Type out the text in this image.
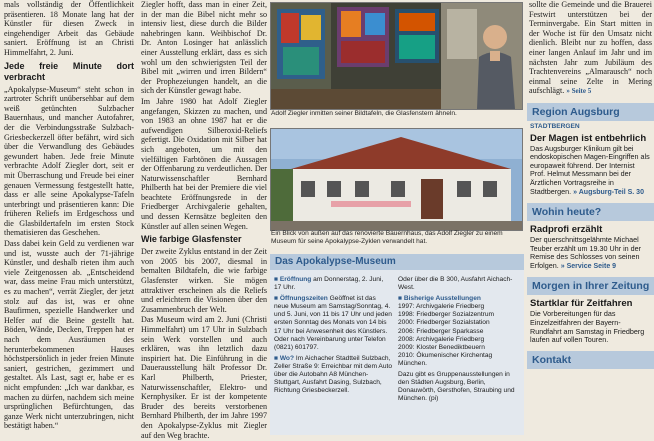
mals vollständig der Öffentlichkeit präsentieren. 18 Monate lang hat der Künstler für diesen Zweck in eingehendiger Arbeit das Gebäude saniert. Eröffnung ist an Christi Himmelfahrt, 2. Juni.

Jede freie Minute dort verbracht

„Apokalypse-Museum“ steht schon in zartroter Schrift unübersehbar auf dem weiß getünchten Sulzbacher Bauernhaus, und mancher Autofahrer, der die Verbindungsstraße Sulzbach-Griesbeckerzell öfter befährt, wird sich über die Verwandlung des Gebäudes gewundert haben. Jede freie Minute verbrachte Adolf Ziegler dort, seit er mit Überraschung und Freude bei einer genauen Vermessung festgestellt hatte, dass er alle seine Apokalypse-Tafeln unterbringt und präsentieren kann: Die früheren Reliefs im Erdgeschoss und die Glasbildertafeln im ersten Stock thematisieren das Geschehen.

Dass dabei kein Geld zu verdienen war und ist, wusste auch der 71-jährige Künstler, und deshalb rieten ihm auch viele Zeitgenossen ab. „Entscheidend war, dass meine Frau mich unterstützt, es zu machen“, verrät Ziegler, der jetzt stolz auf das ist, was er ohne Baufirmen, spezielle Handwerker und Helfer auf die Beine gestellt hat. Böden, Wände, Decken, Treppen hat er nach dem Ausräumen des herunterbekommenen Hauses höchstpersönlich in jeder freien Minute saniert, gestrichen, gezimmert und gestaltet. Als Last, sagt er, habe er es nicht empfunden: „Ich war dankbar, es machen zu dürfen, nachdem sich meine ursprünglichen Befürchtungen, das ganze Werk nicht unterzubringen, nicht bestätigt haben.“

Ziegler hofft, dass man in einer Zeit, in der man die Bibel nicht mehr so intensiv liest, diese durch die Bilder nahebringen kann. Weihbischof Dr. Dr. Anton Losinger hat anlässlich einer Ausstellung erklärt, dass es sich wohl um den schwierigsten Teil der Bibel mit „wirren und irren Bildern“ der Prophezeiungen handelt, an die sich der Künstler gewagt habe.

Im Jahre 1980 hat Adolf Ziegler angefangen, Skizzen zu machen, und von 1983 an ohne 1987 hat er die aufwendigen Silberoxid-Reliefs gefertigt. Die Oxidation mit Silber hat sich angeboten, um mit den vielfältigen Farbtönen die Aussagen der Offenbarung zu verdeutlichen. Der Naturwissenschaftler Bernhard Philberth hat bei der Premiere die viel beachtete Eröffnungsrede in der Friedberger Archivgalerie gehalten, und dessen Kernsätze begleiten den Künstler auf allen seinen Wegen.

Wie farbige Glasfenster

Der zweite Zyklus entstand in der Zeit von 2005 bis 2007, diesmal in bemalten Bildtafeln, die wie farbige Glasfenster wirken. Sie mögen attraktiver erscheinen als die Reliefs und erleichtern die Visionen über den Zusammenbruch der Welt.

Das Museum wird am 2. Juni (Christi Himmelfahrt) um 17 Uhr in Sulzbach sein Werk vorstellen und auch erklären, was ihn letztlich dazu inspiriert hat. Die Einführung in die Dauerausstellung hält Professor Dr. Karl Philberth, Priester, Naturwissenschaftler, Elektro- und Kernphysiker. Er ist der kompetente Bruder des bereits verstorbenen Bernhard Philberth, der im Jahre 1997 den Apokalypse-Zyklus mit Ziegler auf den Weg brachte.

Adolf Ziegler inmitten seiner Bildtafeln, die Glasfenstern ähneln.
Ein Blick von außen auf das renovierte Bauernhaus, das Adolf Ziegler zu einem Museum für seine Apokalypse-Zyklen verwandelt hat.
Das Apokalypse-Museum
■ Eröffnung am Donnerstag, 2. Juni, 17 Uhr.
■ Öffnungszeiten Geöffnet ist das neue Museum am Samstag/Sonntag, 4. und 5. Juni, von 11 bis 17 Uhr und jeden ersten Sonntag des Monats von 14 bis 17 Uhr bei Anwesenheit des Künstlers. Oder nach Vereinbarung unter Telefon (0821) 601797.
■ Wo? Im Aichacher Stadtteil Sulzbach, Zeller Straße 9: Erreichbar mit dem Auto über die Autobahn A8 München-Stuttgart, Ausfahrt Dasing, Sulzbach, Richtung Griesbeckerzell.
Oder über die B 300, Ausfahrt Aichach-West.
■ Bisherige Ausstellungen
1997: Archivgalerie Friedberg
1998: Friedberger Sozialzentrum
2000: Friedberger Sozialstation
2006: Friedberger Sparkasse
2008: Archivgalerie Friedberg
2009: Kloster Benediktbeuern
2010: Ökumenischer Kirchentag München.
Dazu gibt es Gruppenausstellungen in den Städten Augsburg, Berlin, Donauwörth, Gersthofen, Straubing und München. (pi)
sollte die Gemeinde und die Brauerei Festwirt unterstützen bei der Terminvergabe. Ein Start mitten in der Woche ist für den Umsatz nicht dienlich. Bleibt nur zu hoffen, dass einer langen Anlauf im Jahr und im nächsten Jahr zum Jubiläum des Trachtenvereins „Almarausch“ noch einmal seine Zelte in Mering aufschlägt. » Seite 5
Region Augsburg
STADTBERGEN
Der Magen ist entbehrlich
Das Augsburger Klinikum gilt bei endoskopischen Magen-Eingriffen als europaweit führend. Der Internist Prof. Helmut Messmann bei der Ärztlichen Vortragsreihe in Stadtbergen. » Augsburg-Teil S. 30
Wohin heute?
Radprofi erzählt
Der querschnittsgelähmte Michael Teuber erzählt um 19.30 Uhr in der Remise des Schlosses von seinen Erfolgen. » Service Seite 9
Morgen in Ihrer Zeitung
Startklar für Zeitfahren
Die Vorbereitungen für das Einzelzeitfahren der Bayern-Rundfahrt am Samstag in Friedberg laufen auf vollen Touren.
Kontakt
